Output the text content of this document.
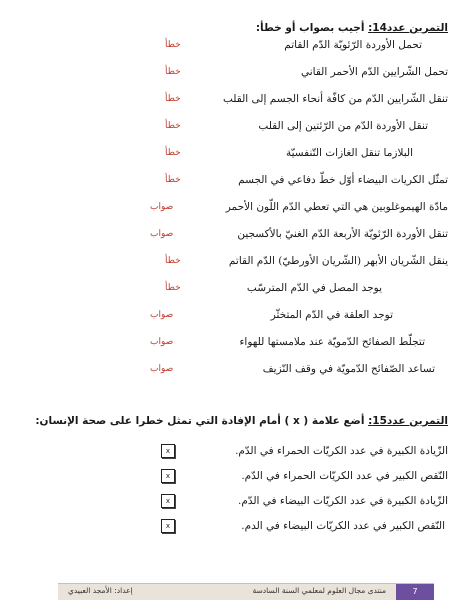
التمرين عدد14: أجيب بصواب أو خطأ:
تحمل الأوردة الرّئويّة الدّم القاتم
خطأ
تحمل الشّرايين الدّم الأحمر القاني
خطأ
تنقل الشّرايين الدّم من كافّة أنحاء الجسم إلى القلب
خطأ
تنقل الأوردة الدّم من الرّئتين إلى القلب
خطأ
البلازما تنقل الغازات التّنفسيّة
خطأ
تمثّل الكريات البيضاء أوّل خطّ دفاعي في الجسم
خطأ
مادّة الهيموغلوبين هي التي تعطي الدّم اللّون الأحمر
صواب
تنقل الأوردة الرّئويّة الأربعة الدّم الغنيّ بالأكسجين
صواب
ينقل الشّريان الأبهر (الشّريان الأورطيّ) الدّم القاتم
خطأ
يوجد المصل في الدّم المترسّب
خطأ
توجد العلقة في الدّم المتخثّر
صواب
تتجلّط الصفائح الدّمويّة عند ملامستها للهواء
صواب
تساعد الصّفائح الدّمويّة في وقف النّزيف
صواب
التمرين عدد15: أضع علامة ( x ) أمام الإفادة التي تمثل خطرا على صحة الإنسان:
الزّيادة الكبيرة في عدد الكريّات الحمراء في الدّم.
x
النّقص الكبير في عدد الكريّات الحمراء في الدّم.
x
الزّيادة الكبيرة في عدد الكريّات البيضاء في الدّم.
x
النّقص الكبير في عدد الكريّات البيضاء في الدم.
x
منتدى مجال العلوم لمعلمي السنة السادسة
إعداد: الأمجد العبيدي	7
